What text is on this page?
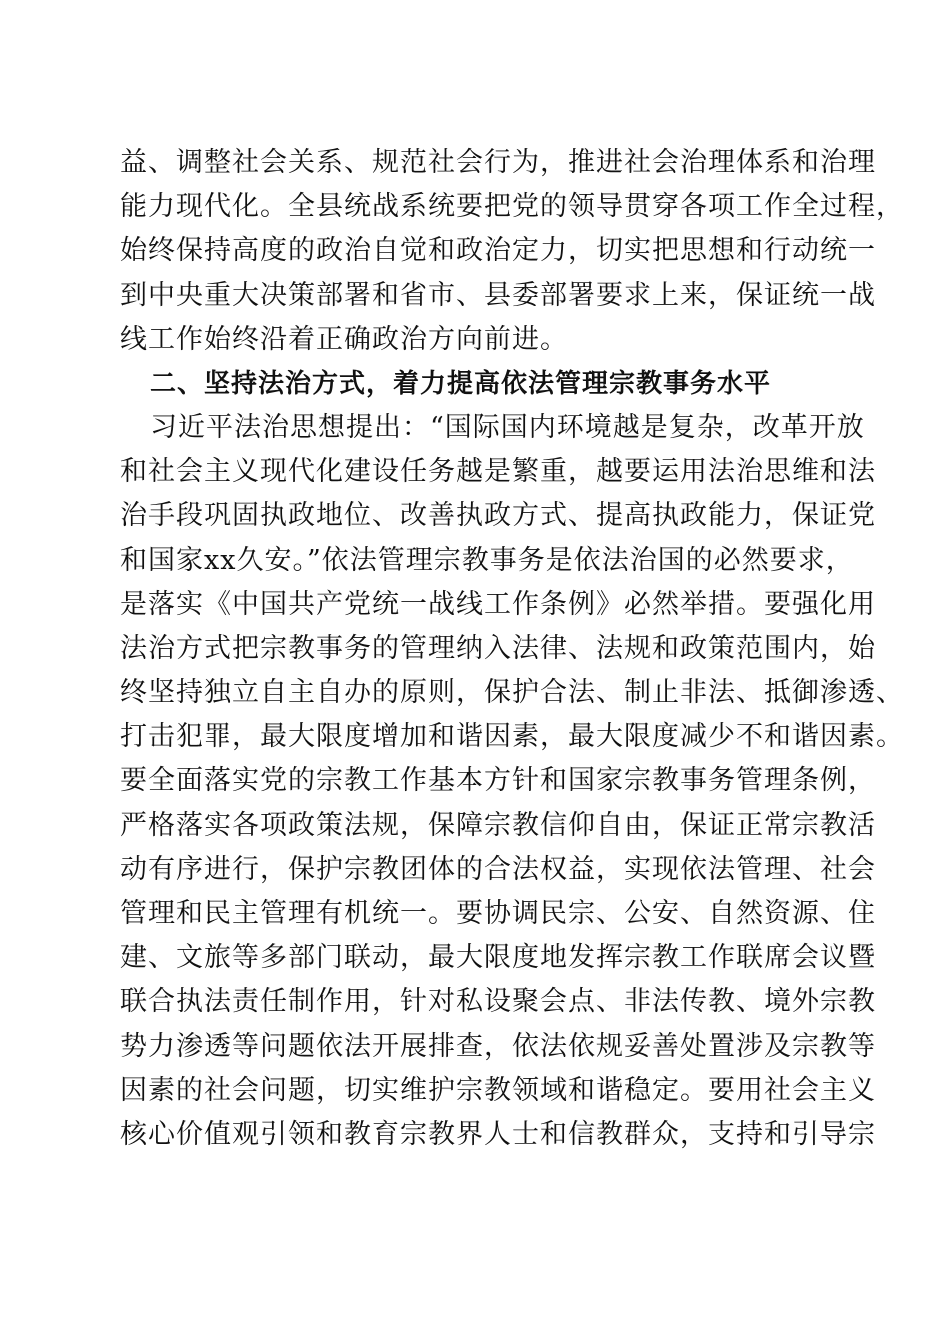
益、调整社会关系、规范社会行为，推进社会治理体系和治理
能力现代化。全县统战系统要把党的领导贯穿各项工作全过程，
始终保持高度的政治自觉和政治定力，切实把思想和行动统一
到中央重大决策部署和省市、县委部署要求上来，保证统一战
线工作始终沿着正确政治方向前进。
二、坚持法治方式，着力提高依法管理宗教事务水平
习近平法治思想提出：“国际国内环境越是复杂，改革开放
和社会主义现代化建设任务越是繁重，越要运用法治思维和法
治手段巩固执政地位、改善执政方式、提高执政能力，保证党
和国家xx久安。”依法管理宗教事务是依法治国的必然要求，
是落实《中国共产党统一战线工作条例》必然举措。要强化用
法治方式把宗教事务的管理纳入法律、法规和政策范围内，始
终坚持独立自主自办的原则，保护合法、制止非法、抵御渗透、
打击犯罪，最大限度增加和谐因素，最大限度减少不和谐因素。
要全面落实党的宗教工作基本方针和国家宗教事务管理条例，
严格落实各项政策法规，保障宗教信仰自由，保证正常宗教活
动有序进行，保护宗教团体的合法权益，实现依法管理、社会
管理和民主管理有机统一。要协调民宗、公安、自然资源、住
建、文旅等多部门联动，最大限度地发挥宗教工作联席会议暨
联合执法责任制作用，针对私设聚会点、非法传教、境外宗教
势力渗透等问题依法开展排查，依法依规妥善处置涉及宗教等
因素的社会问题，切实维护宗教领域和谐稳定。要用社会主义
核心价值观引领和教育宗教界人士和信教群众，支持和引导宗
